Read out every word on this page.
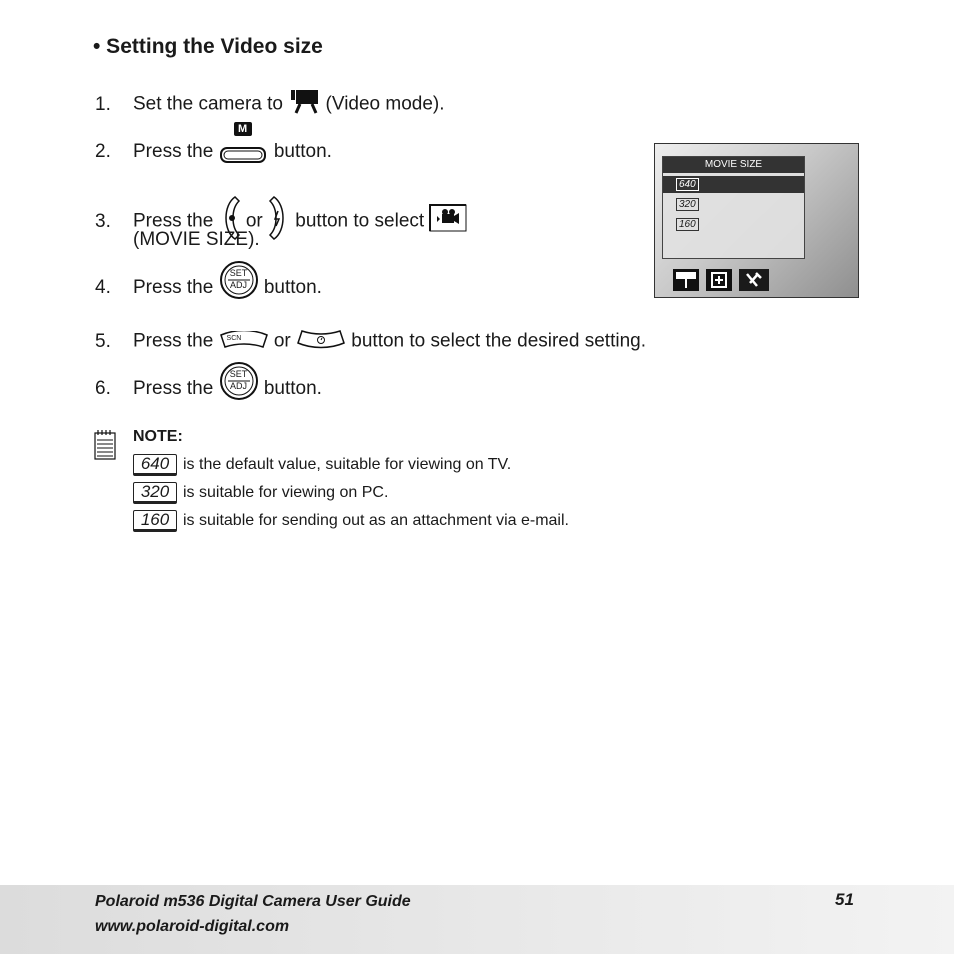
• Setting the Video size
1. Set the camera to (Video mode).
2. Press the
M
button.
3. Press the or button to select
(MOVIE SIZE).
4. Press the
SET
ADJ button.
5. Press the SCN or	button to select the desired setting.
6. Press the
SET
ADJ button.
MOVIE SIZE
640
320
160
NOTE:
640 is the default value, suitable for viewing on TV.
320 is suitable for viewing on PC.
160 is suitable for sending out as an attachment via e-mail.
Polaroid m536 Digital Camera User Guide
www.polaroid-digital.com
51
